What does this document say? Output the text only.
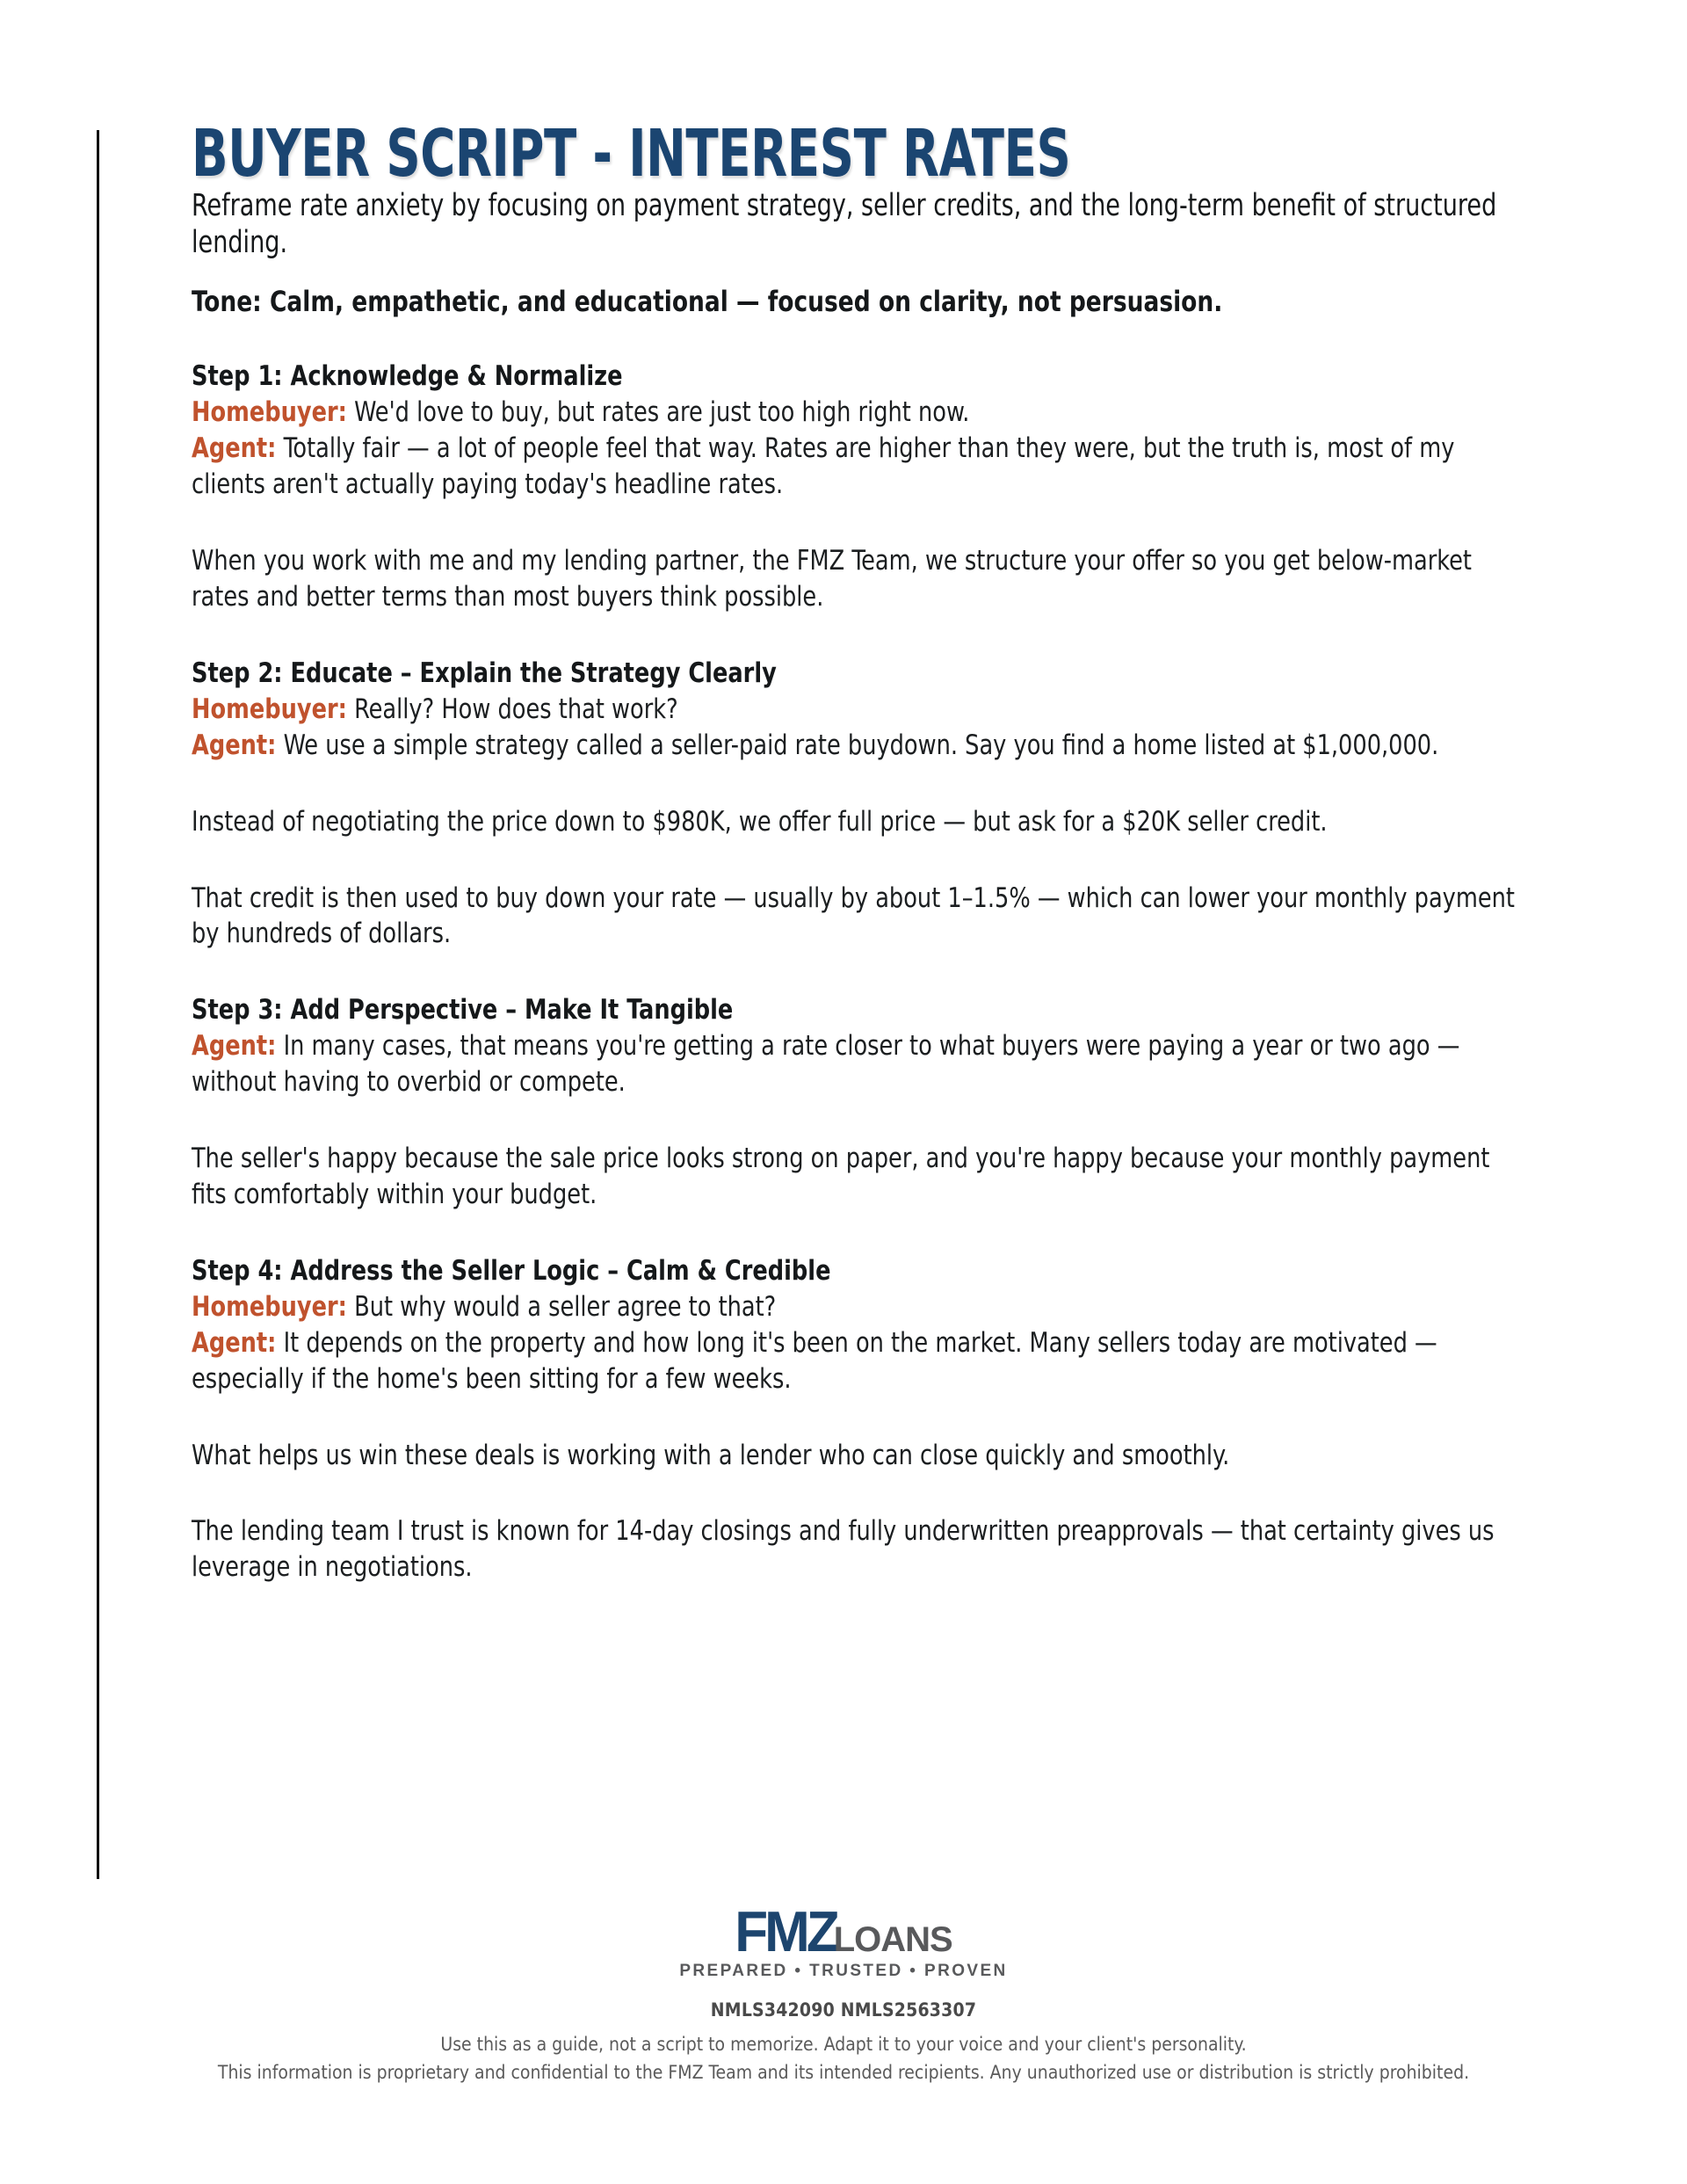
BUYER SCRIPT - INTEREST RATES

Reframe rate anxiety by focusing on payment strategy, seller credits, and the long-term benefit of structured lending.

Tone: Calm, empathetic, and educational — focused on clarity, not persuasion.

Step 1: Acknowledge & Normalize

Homebuyer: We'd love to buy, but rates are just too high right now.

Agent: Totally fair — a lot of people feel that way. Rates are higher than they were, but the truth is, most of my clients aren't actually paying today's headline rates.

When you work with me and my lending partner, the FMZ Team, we structure your offer so you get below-market rates and better terms than most buyers think possible.

Step 2: Educate – Explain the Strategy Clearly

Homebuyer: Really? How does that work?

Agent: We use a simple strategy called a seller-paid rate buydown. Say you find a home listed at $1,000,000.

Instead of negotiating the price down to $980K, we offer full price — but ask for a $20K seller credit.

That credit is then used to buy down your rate — usually by about 1–1.5% — which can lower your monthly payment by hundreds of dollars.

Step 3: Add Perspective – Make It Tangible

Agent: In many cases, that means you're getting a rate closer to what buyers were paying a year or two ago — without having to overbid or compete.

The seller's happy because the sale price looks strong on paper, and you're happy because your monthly payment fits comfortably within your budget.

Step 4: Address the Seller Logic – Calm & Credible

Homebuyer: But why would a seller agree to that?

Agent: It depends on the property and how long it's been on the market. Many sellers today are motivated — especially if the home's been sitting for a few weeks.

What helps us win these deals is working with a lender who can close quickly and smoothly.

The lending team I trust is known for 14-day closings and fully underwritten preapprovals — that certainty gives us leverage in negotiations.

FMZ
LOANS
PREPARED • TRUSTED • PROVEN
NMLS342090 NMLS2563307
Use this as a guide, not a script to memorize. Adapt it to your voice and your client's personality.
This information is proprietary and confidential to the FMZ Team and its intended recipients. Any unauthorized use or distribution is strictly prohibited.
